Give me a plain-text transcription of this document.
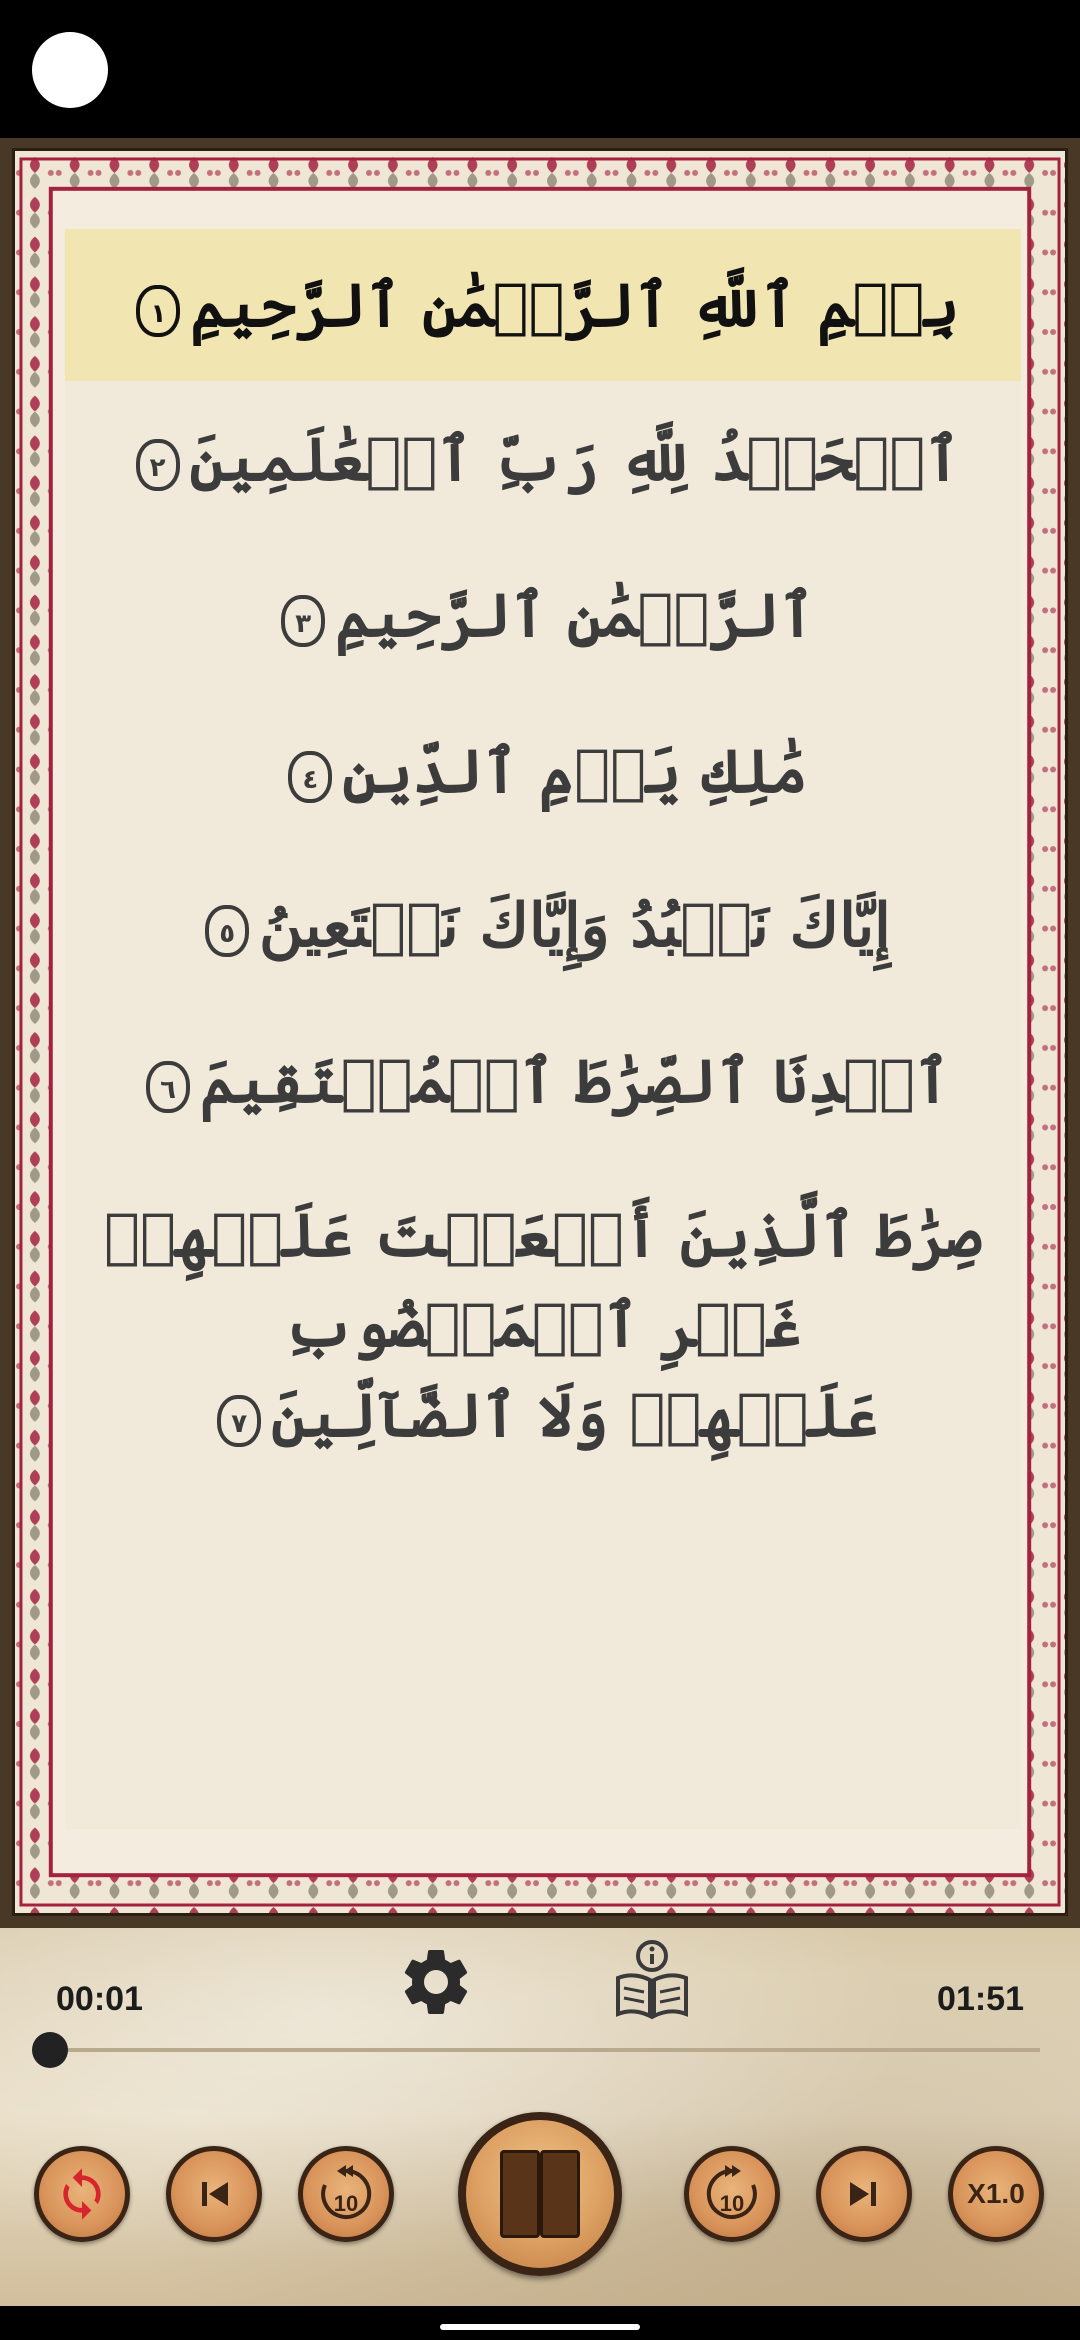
بِسۡمِ ٱللَّهِ ٱلرَّحۡمَٰنِ ٱلرَّحِيمِ١
ٱلۡحَمۡدُ لِلَّهِ رَبِّ ٱلۡعَٰلَمِينَ٢
ٱلرَّحۡمَٰنِ ٱلرَّحِيمِ٣
مَٰلِكِ يَوۡمِ ٱلدِّينِ٤
إِيَّاكَ نَعۡبُدُ وَإِيَّاكَ نَسۡتَعِينُ٥
ٱهۡدِنَا ٱلصِّرَٰطَ ٱلۡمُسۡتَقِيمَ٦
صِرَٰطَ ٱلَّذِينَ أَنۡعَمۡتَ عَلَيۡهِمۡ غَيۡرِ ٱلۡمَغۡضُوبِ
عَلَيۡهِمۡ وَلَا ٱلضَّآلِّينَ٧
00:01	01:51
10	10	X1.0
